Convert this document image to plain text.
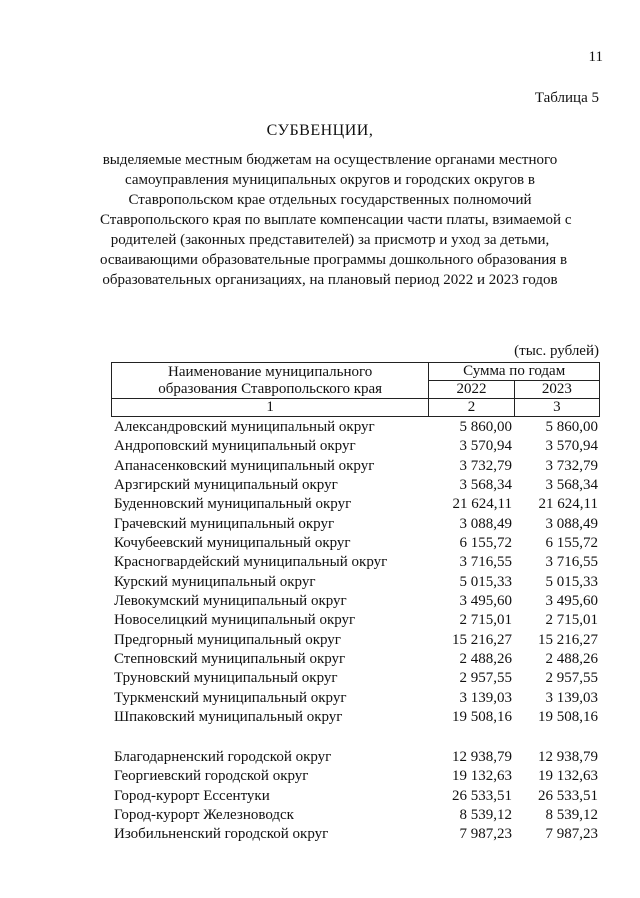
11
Таблица 5
СУБВЕНЦИИ,
выделяемые местным бюджетам на осуществление органами местного
самоуправления муниципальных округов и городских округов в
Ставропольском крае отдельных государственных полномочий
Ставропольского края по выплате компенсации части платы, взимаемой с
родителей (законных представителей) за присмотр и уход за детьми,
осваивающими образовательные программы дошкольного образования в
образовательных организациях, на плановый период 2022 и 2023 годов
(тыс. рублей)
Наименование муниципального
образования Ставропольского края	Сумма по годам	
	2022	2023
1	2	3
Александровский муниципальный округ	5 860,00	5 860,00
Андроповский муниципальный округ	3 570,94	3 570,94
Апанасенковский муниципальный округ	3 732,79	3 732,79
Арзгирский муниципальный округ	3 568,34	3 568,34
Буденновский муниципальный округ	21 624,11	21 624,11
Грачевский муниципальный округ	3 088,49	3 088,49
Кочубеевский муниципальный округ	6 155,72	6 155,72
Красногвардейский муниципальный округ	3 716,55	3 716,55
Курский муниципальный округ	5 015,33	5 015,33
Левокумский муниципальный округ	3 495,60	3 495,60
Новоселицкий муниципальный округ	2 715,01	2 715,01
Предгорный муниципальный округ	15 216,27	15 216,27
Степновский муниципальный округ	2 488,26	2 488,26
Труновский муниципальный округ	2 957,55	2 957,55
Туркменский муниципальный округ	3 139,03	3 139,03
Шпаковский муниципальный округ	19 508,16	19 508,16
Благодарненский городской округ	12 938,79	12 938,79
Георгиевский городской округ	19 132,63	19 132,63
Город-курорт Ессентуки	26 533,51	26 533,51
Город-курорт Железноводск	8 539,12	8 539,12
Изобильненский городской округ	7 987,23	7 987,23
